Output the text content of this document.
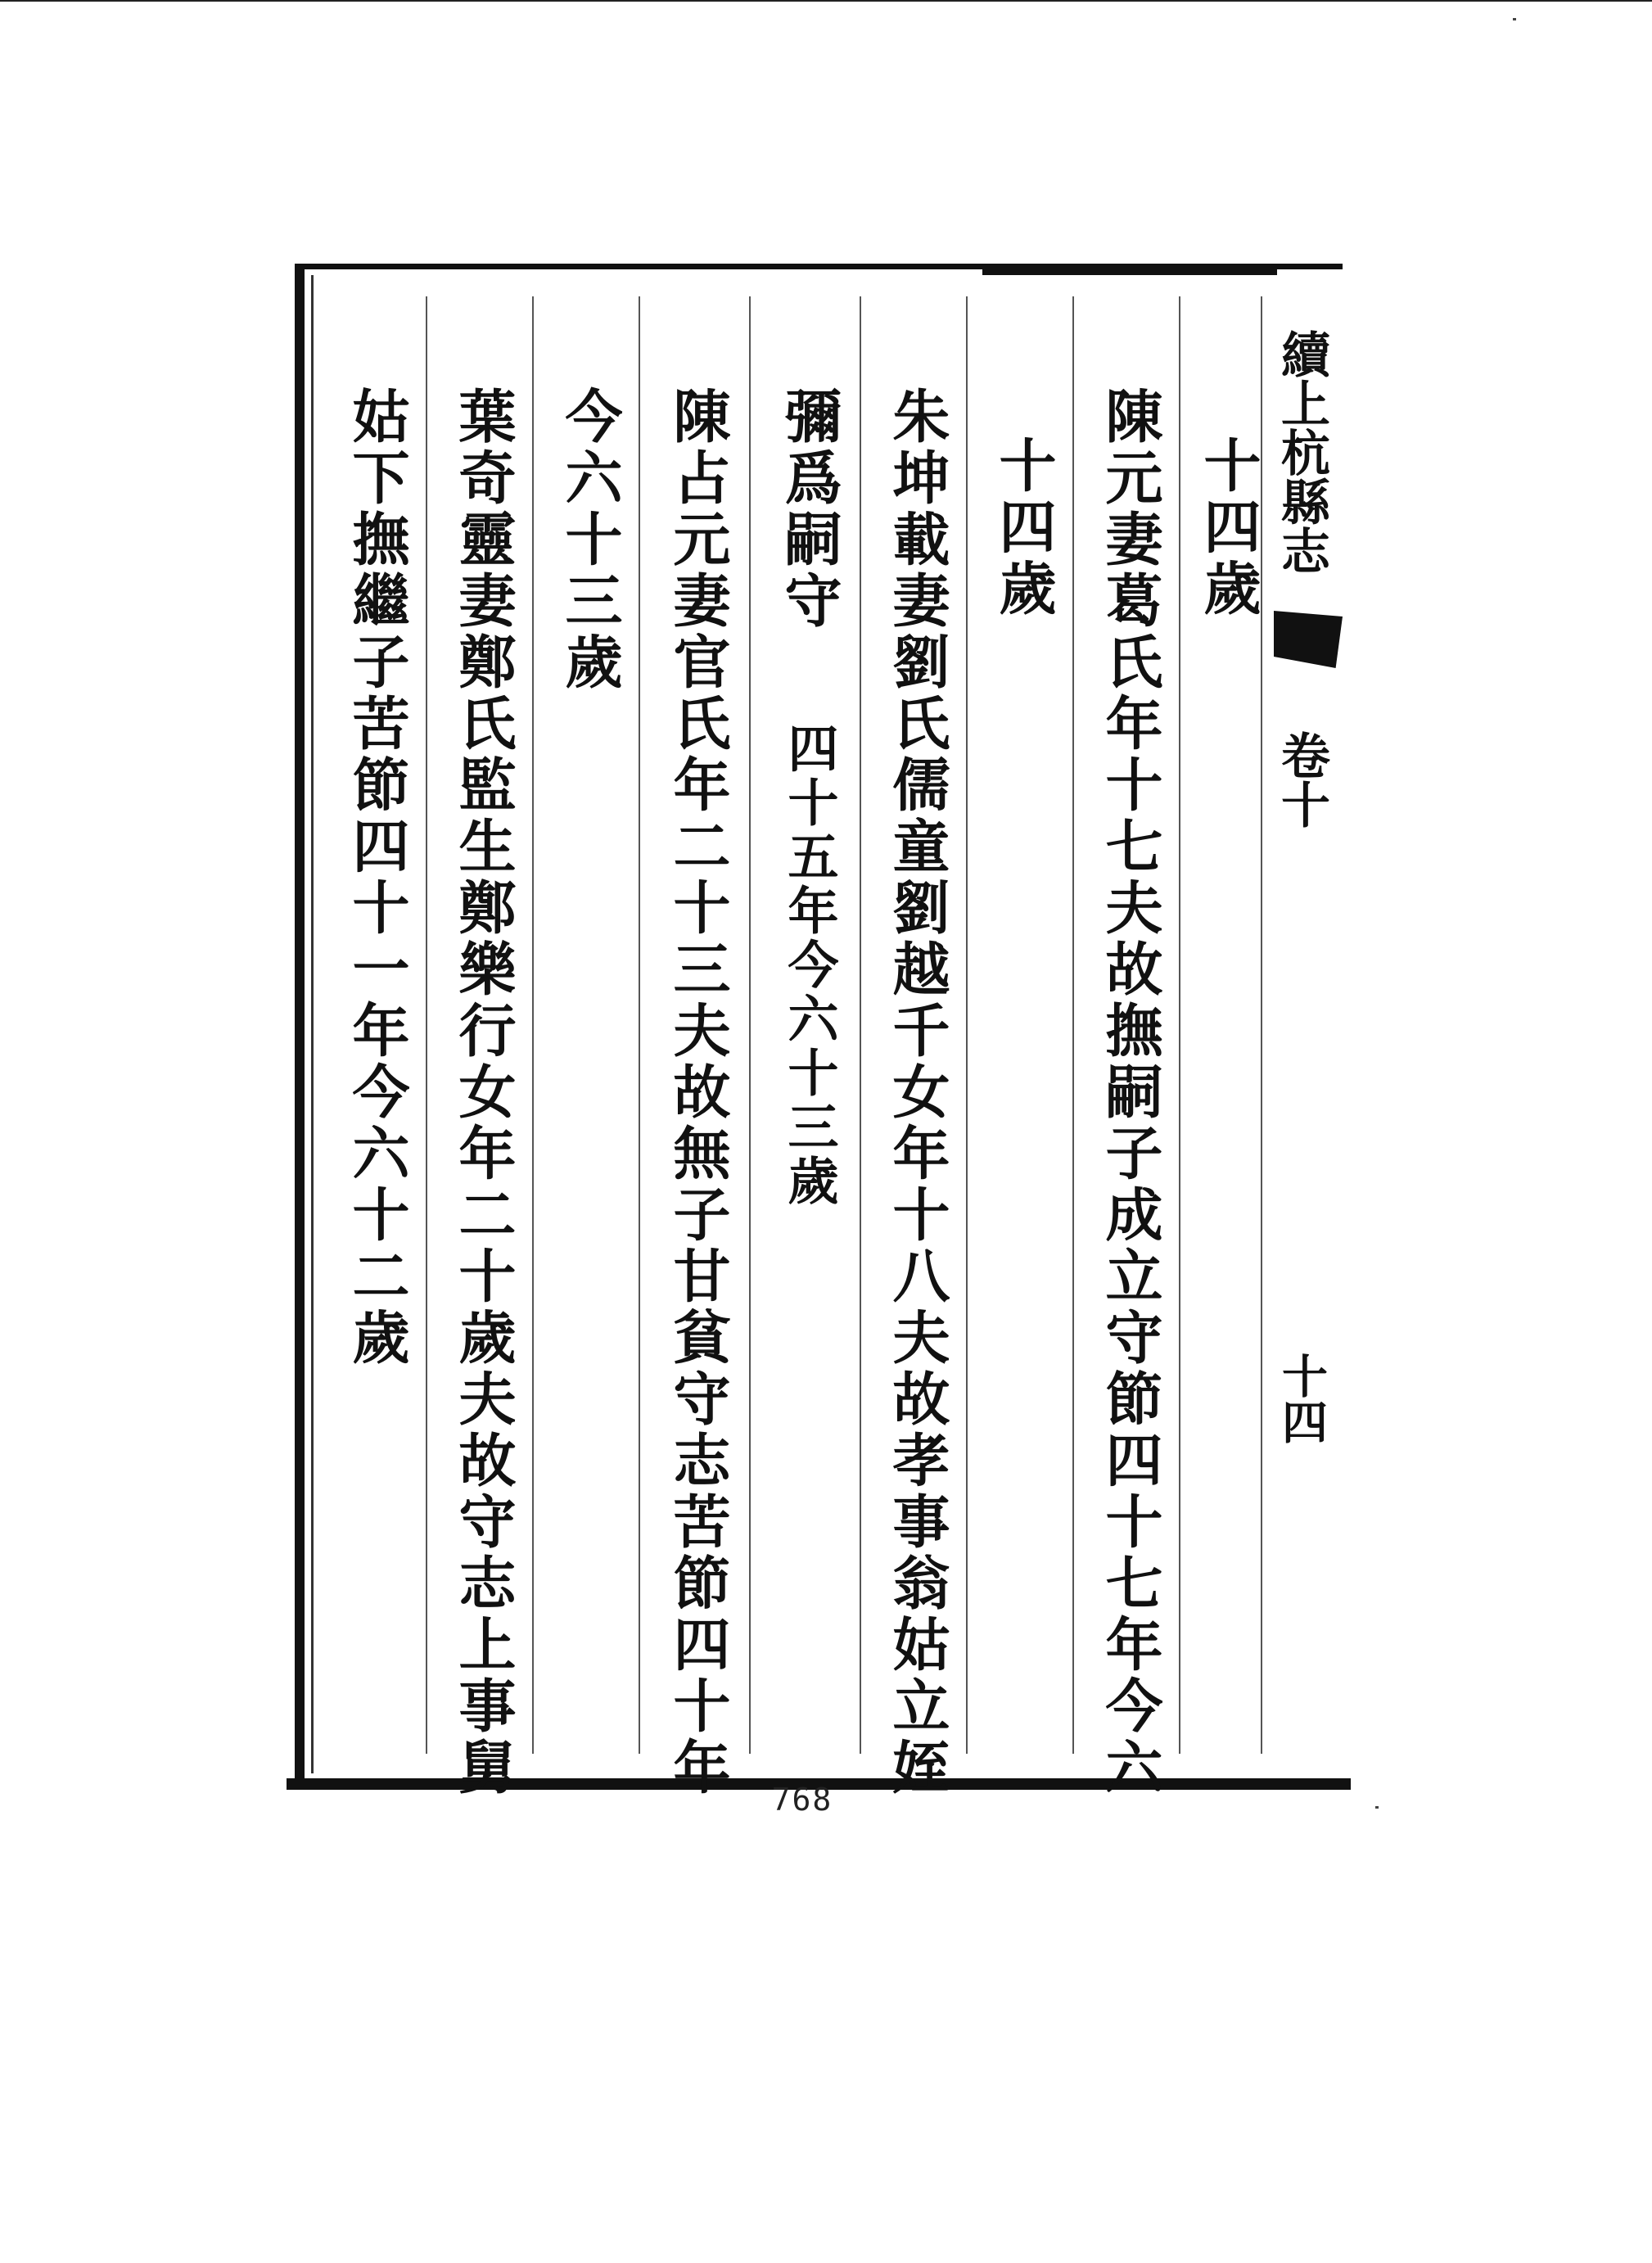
續上杭縣志
卷十
十四
十四歲
陳元妻葛氏年十七夫故撫嗣子成立守節四十七年今六
十四歲
朱坤載妻劉氏儒童劉越千女年十八夫故孝事翁姑立姪
彌爲嗣守
四十五年今六十三歲
陳占元妻官氏年二十三夫故無子甘貧守志苦節四十年
今六十三歲
葉奇靈妻鄭氏監生鄭樂行女年二十歲夫故守志上事舅
姑下撫繼子苦節四十一年今六十二歲
768
